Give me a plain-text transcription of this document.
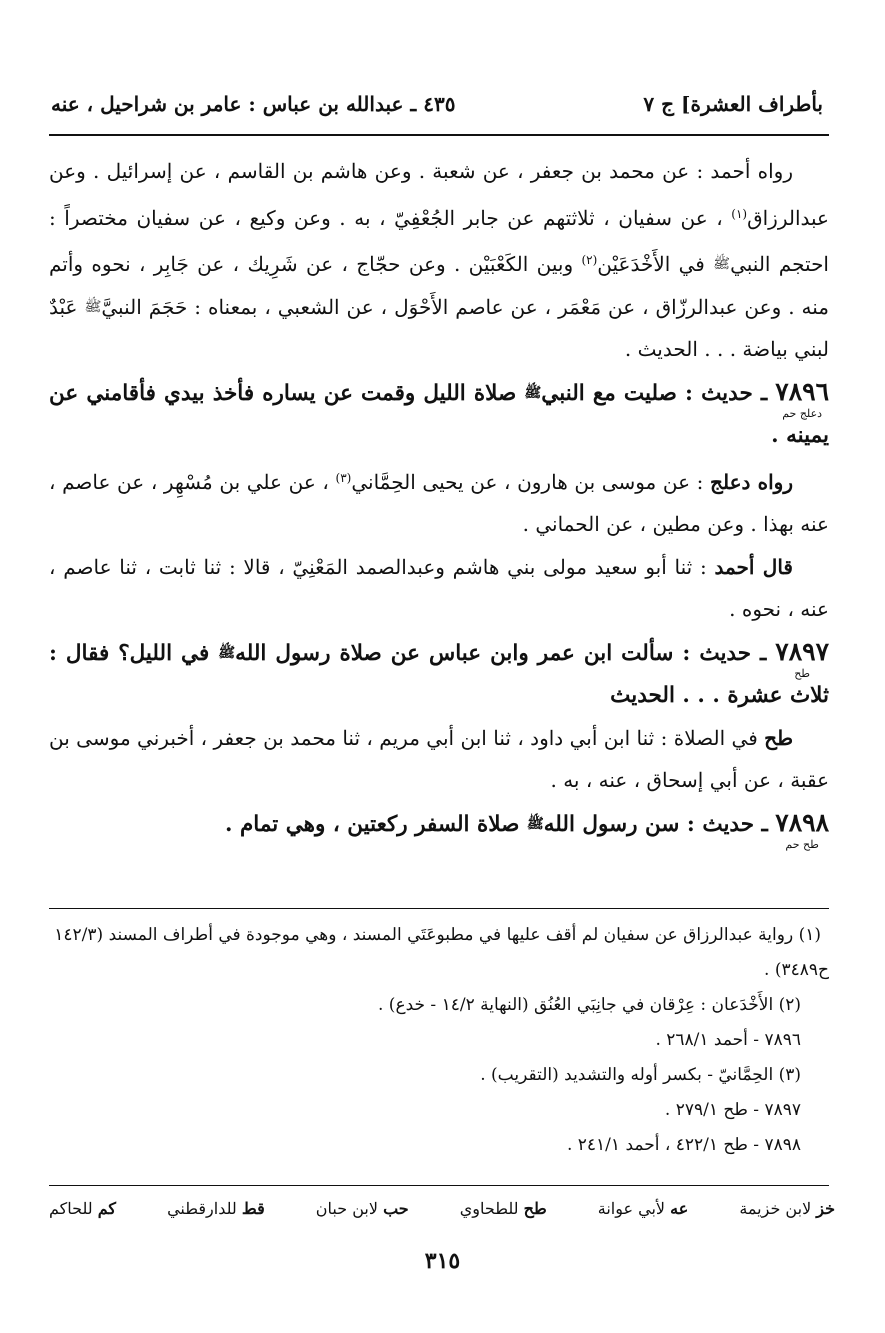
بأطراف العشرة] ج ٧
٤٣٥ ـ عبدالله بن عباس : عامر بن شراحيل ، عنه

رواه أحمد : عن محمد بن جعفر ، عن شعبة . وعن هاشم بن القاسم ، عن إسرائيل . وعن عبدالرزاق$^{(١)}$ ، عن سفيان ، ثلاثتهم عن جابر الجُعْفِيّ ، به . وعن وكيع ، عن سفيان مختصراً : احتجم النبيﷺ في الأَخْدَعَيْن$^{(٢)}$ وبين الكَعْبَيْن . وعن حجّاج ، عن شَرِيك ، عن جَابِر ، نحوه وأتم منه . وعن عبدالرزّاق ، عن مَعْمَر ، عن عاصم الأَحْوَل ، عن الشعبي ، بمعناه : حَجَمَ النبيَّﷺ عَبْدٌ لبني بياضة . . . الحديث .

٧٨٩٦
دعلج حم
ـ حديث : صليت مع النبيﷺ صلاة الليل وقمت عن يساره فأخذ بيدي فأقامني عن يمينه .

رواه دعلج : عن موسى بن هارون ، عن يحيى الحِمَّاني$^{(٣)}$ ، عن علي بن مُسْهِر ، عن عاصم ، عنه بهذا . وعن مطين ، عن الحماني .

قال أحمد : ثنا أبو سعيد مولى بني هاشم وعبدالصمد المَعْنِيّ ، قالا : ثنا ثابت ، ثنا عاصم ، عنه ، نحوه .

٧٨٩٧
طح
ـ حديث : سألت ابن عمر وابن عباس عن صلاة رسول اللهﷺ في الليل؟ فقال : ثلاث عشرة . . . الحديث

طح في الصلاة : ثنا ابن أبي داود ، ثنا ابن أبي مريم ، ثنا محمد بن جعفر ، أخبرني موسى بن عقبة ، عن أبي إسحاق ، عنه ، به .

٧٨٩٨
طح حم
ـ حديث : سن رسول اللهﷺ صلاة السفر ركعتين ، وهي تمام .

(١) رواية عبدالرزاق عن سفيان لم أقف عليها في مطبوعَتَي المسند ، وهي موجودة في أطراف المسند (١٤٢/٣ ح٣٤٨٩) .

(٢) الأَخْدَعان : عِرْقان في جانِبَي العُنُق (النهاية ١٤/٢ - خدع) .

٧٨٩٦ - أحمد ٢٦٨/١ .

(٣) الحِمَّانيّ - بكسر أوله والتشديد (التقريب) .

٧٨٩٧ - طح ٢٧٩/١ .

٧٨٩٨ - طح ٤٢٢/١ ، أحمد ٢٤١/١ .

خز لابن خزيمة
عه لأبي عوانة
طح للطحاوي
حب لابن حبان
قط للدارقطني
كم للحاكم
٣١٥
